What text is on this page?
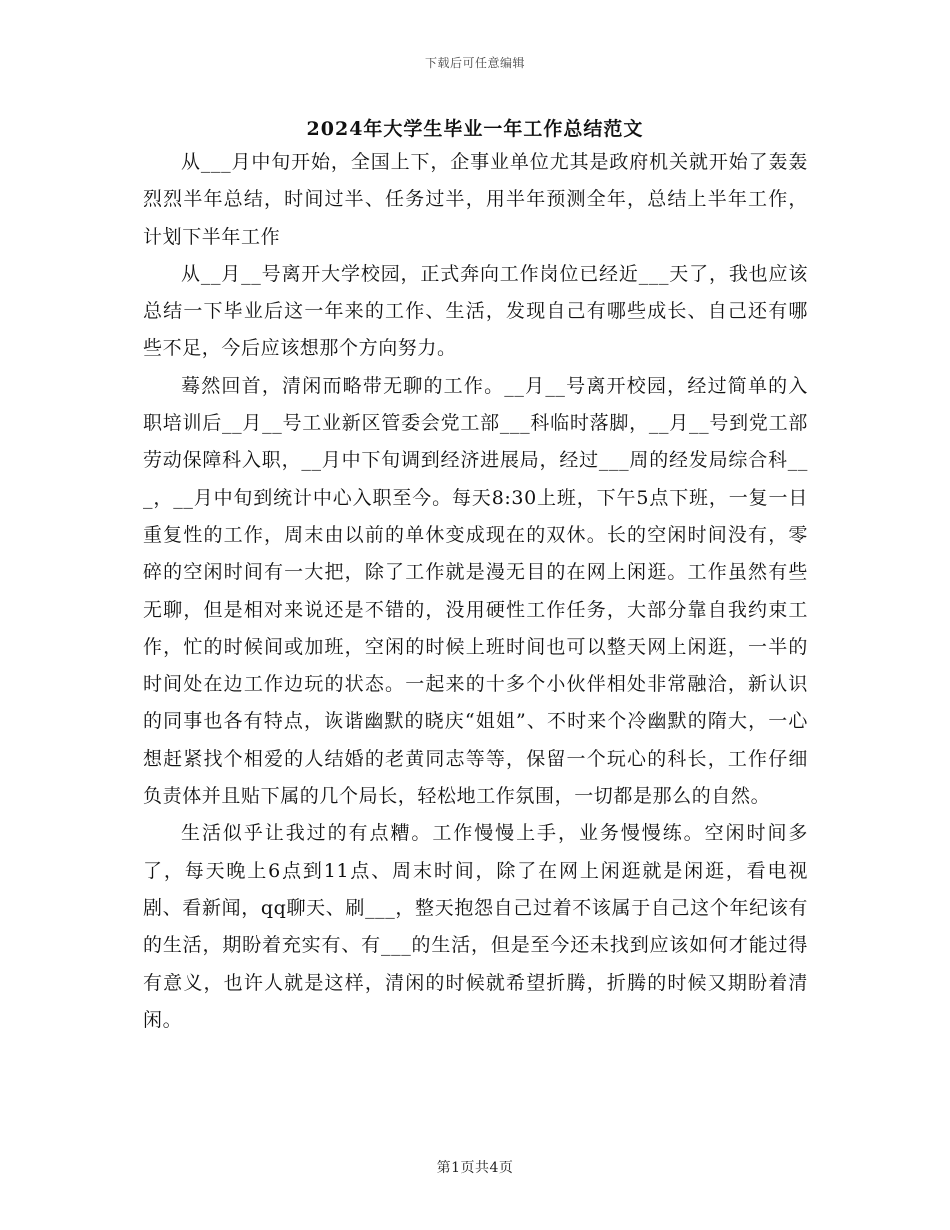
下载后可任意编辑
2024年大学生毕业一年工作总结范文

从___月中旬开始，全国上下，企事业单位尤其是政府机关就开始了轰轰烈烈半年总结，时间过半、任务过半，用半年预测全年，总结上半年工作，计划下半年工作

从__月__号离开大学校园，正式奔向工作岗位已经近___天了，我也应该总结一下毕业后这一年来的工作、生活，发现自己有哪些成长、自己还有哪些不足，今后应该想那个方向努力。

蓦然回首，清闲而略带无聊的工作。__月__号离开校园，经过简单的入职培训后__月__号工业新区管委会党工部___科临时落脚，__月__号到党工部劳动保障科入职，__月中下旬调到经济进展局，经过___周的经发局综合科___，__月中旬到统计中心入职至今。每天8:30上班，下午5点下班，一复一日重复性的工作，周末由以前的单休变成现在的双休。长的空闲时间没有，零碎的空闲时间有一大把，除了工作就是漫无目的在网上闲逛。工作虽然有些无聊，但是相对来说还是不错的，没用硬性工作任务，大部分靠自我约束工作，忙的时候间或加班，空闲的时候上班时间也可以整天网上闲逛，一半的时间处在边工作边玩的状态。一起来的十多个小伙伴相处非常融洽，新认识的同事也各有特点，诙谐幽默的晓庆“姐姐”、不时来个冷幽默的隋大，一心想赶紧找个相爱的人结婚的老黄同志等等，保留一个玩心的科长，工作仔细负责体并且贴下属的几个局长，轻松地工作氛围，一切都是那么的自然。

生活似乎让我过的有点糟。工作慢慢上手，业务慢慢练。空闲时间多了，每天晚上6点到11点、周末时间，除了在网上闲逛就是闲逛，看电视剧、看新闻，qq聊天、刷___，整天抱怨自己过着不该属于自己这个年纪该有的生活，期盼着充实有、有___的生活，但是至今还未找到应该如何才能过得有意义，也许人就是这样，清闲的时候就希望折腾，折腾的时候又期盼着清闲。

第1页共4页
